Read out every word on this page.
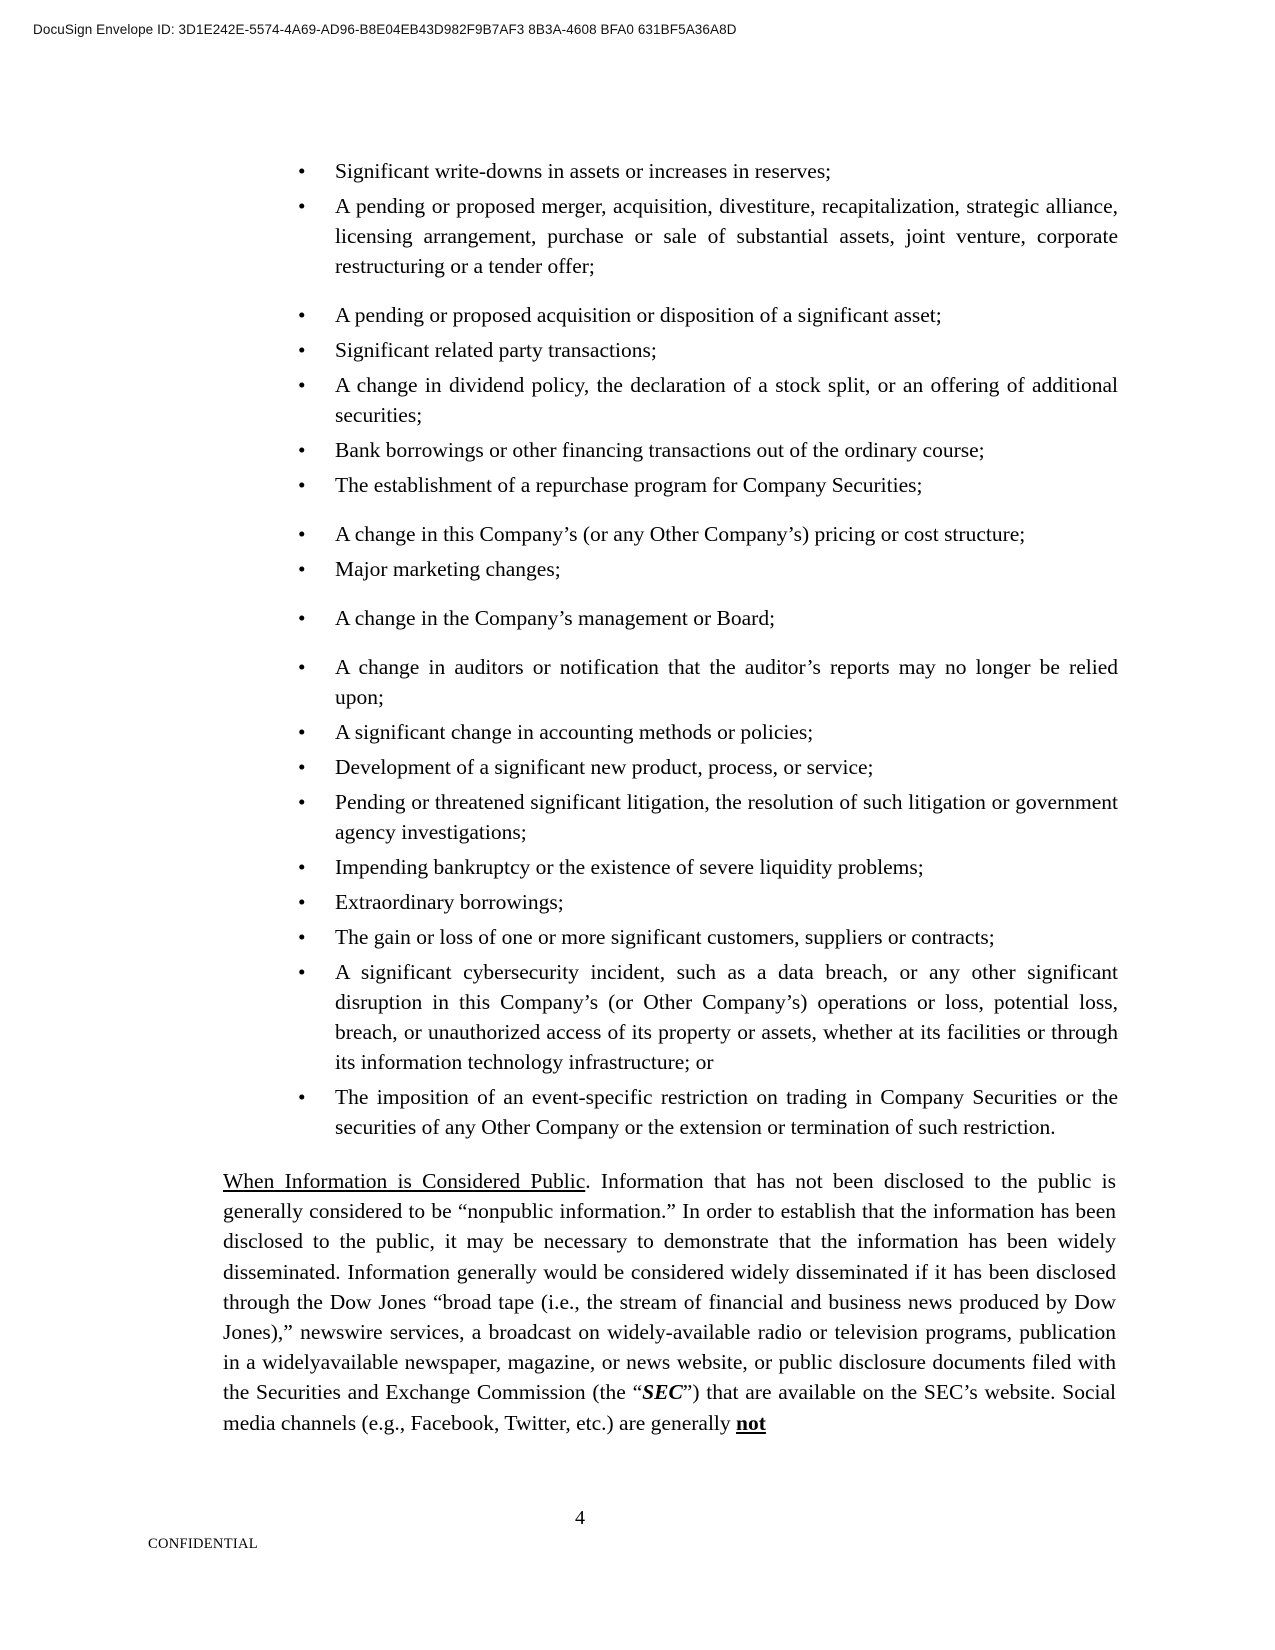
DocuSign Envelope ID: 3D1E242E-5574-4A69-AD96-B8E04EB43D982F9B7AF3 8B3A-4608 BFA0 631BF5A36A8D
• Significant write-downs in assets or increases in reserves;
• A pending or proposed merger, acquisition, divestiture, recapitalization, strategic alliance, licensing arrangement, purchase or sale of substantial assets, joint venture, corporate restructuring or a tender offer;
• A pending or proposed acquisition or disposition of a significant asset;
• Significant related party transactions;
• A change in dividend policy, the declaration of a stock split, or an offering of additional securities;
• Bank borrowings or other financing transactions out of the ordinary course;
• The establishment of a repurchase program for Company Securities;
• A change in this Company’s (or any Other Company’s) pricing or cost structure;
• Major marketing changes;
• A change in the Company’s management or Board;
• A change in auditors or notification that the auditor’s reports may no longer be relied upon;
• A significant change in accounting methods or policies;
• Development of a significant new product, process, or service;
• Pending or threatened significant litigation, the resolution of such litigation or government agency investigations;
• Impending bankruptcy or the existence of severe liquidity problems;
• Extraordinary borrowings;
• The gain or loss of one or more significant customers, suppliers or contracts;
• A significant cybersecurity incident, such as a data breach, or any other significant disruption in this Company’s (or Other Company’s) operations or loss, potential loss, breach, or unauthorized access of its property or assets, whether at its facilities or through its information technology infrastructure; or
• The imposition of an event-specific restriction on trading in Company Securities or the securities of any Other Company or the extension or termination of such restriction.

When Information is Considered Public. Information that has not been disclosed to the public is generally considered to be “nonpublic information.” In order to establish that the information has been disclosed to the public, it may be necessary to demonstrate that the information has been widely disseminated. Information generally would be considered widely disseminated if it has been disclosed through the Dow Jones “broad tape (i.e., the stream of financial and business news produced by Dow Jones),” newswire services, a broadcast on widely-available radio or television programs, publication in a widelyavailable newspaper, magazine, or news website, or public disclosure documents filed with the Securities and Exchange Commission (the “SEC”) that are available on the SEC’s website. Social media channels (e.g., Facebook, Twitter, etc.) are generally not

4
CONFIDENTIAL
